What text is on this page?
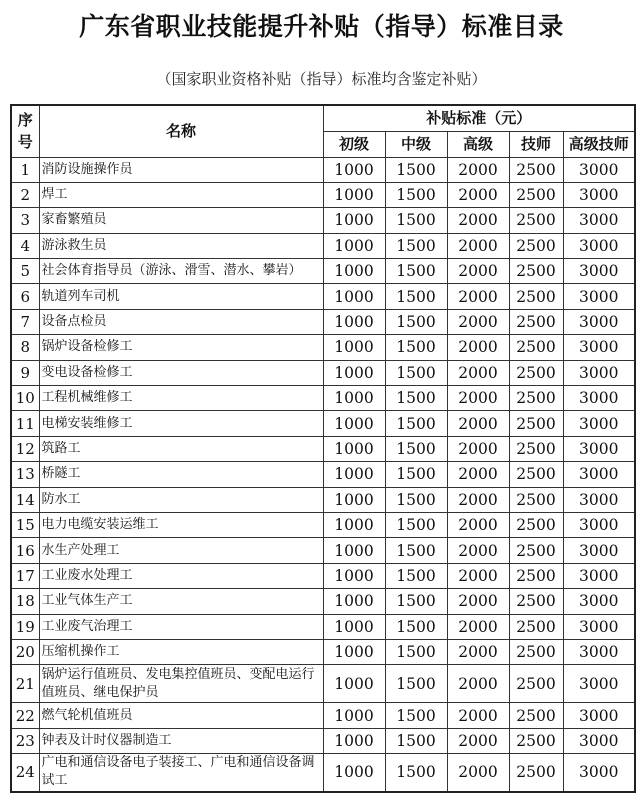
广东省职业技能提升补贴（指导）标准目录
（国家职业资格补贴（指导）标准均含鉴定补贴）
序
号	名称	补贴标准（元）				
		初级	中级	高级	技师	高级技师
1	消防设施操作员	1000	1500	2000	2500	3000
2	焊工	1000	1500	2000	2500	3000
3	家畜繁殖员	1000	1500	2000	2500	3000
4	游泳救生员	1000	1500	2000	2500	3000
5	社会体育指导员（游泳、滑雪、潜水、攀岩）	1000	1500	2000	2500	3000
6	轨道列车司机	1000	1500	2000	2500	3000
7	设备点检员	1000	1500	2000	2500	3000
8	锅炉设备检修工	1000	1500	2000	2500	3000
9	变电设备检修工	1000	1500	2000	2500	3000
10	工程机械维修工	1000	1500	2000	2500	3000
11	电梯安装维修工	1000	1500	2000	2500	3000
12	筑路工	1000	1500	2000	2500	3000
13	桥隧工	1000	1500	2000	2500	3000
14	防水工	1000	1500	2000	2500	3000
15	电力电缆安装运维工	1000	1500	2000	2500	3000
16	水生产处理工	1000	1500	2000	2500	3000
17	工业废水处理工	1000	1500	2000	2500	3000
18	工业气体生产工	1000	1500	2000	2500	3000
19	工业废气治理工	1000	1500	2000	2500	3000
20	压缩机操作工	1000	1500	2000	2500	3000
21	锅炉运行值班员、发电集控值班员、变配电运行值班员、继电保护员	1000	1500	2000	2500	3000
22	燃气轮机值班员	1000	1500	2000	2500	3000
23	钟表及计时仪器制造工	1000	1500	2000	2500	3000
24	广电和通信设备电子装接工、广电和通信设备调试工	1000	1500	2000	2500	3000
